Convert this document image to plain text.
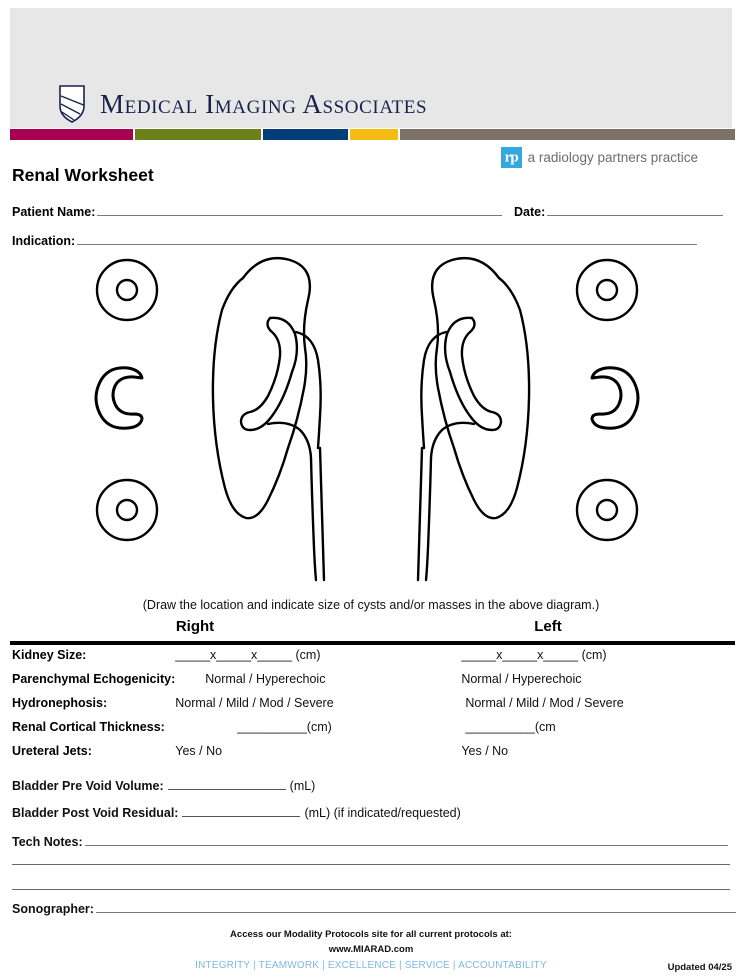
Medical Imaging Associates
rp a radiology partners practice
Renal Worksheet
Patient Name:	Date:
Indication:
(Draw the location and indicate size of cysts and/or masses in the above diagram.)
Right	Left
Kidney Size:	_____x_____x_____ (cm)	_____x_____x_____ (cm)
Parenchymal Echogenicity:	Normal / Hyperechoic	Normal / Hyperechoic
Hydronephosis:	Normal / Mild / Mod / Severe	Normal / Mild / Mod / Severe
Renal Cortical Thickness:	__________(cm)	__________(cm
Ureteral Jets:	Yes / No	Yes / No
Bladder Pre Void Volume:	(mL)
Bladder Post Void Residual:	(mL) (if indicated/requested)
Tech Notes:
Sonographer:
Access our Modality Protocols site for all current protocols at:
www.MIARAD.com
INTEGRITY | TEAMWORK | EXCELLENCE | SERVICE | ACCOUNTABILITY	Updated 04/25
